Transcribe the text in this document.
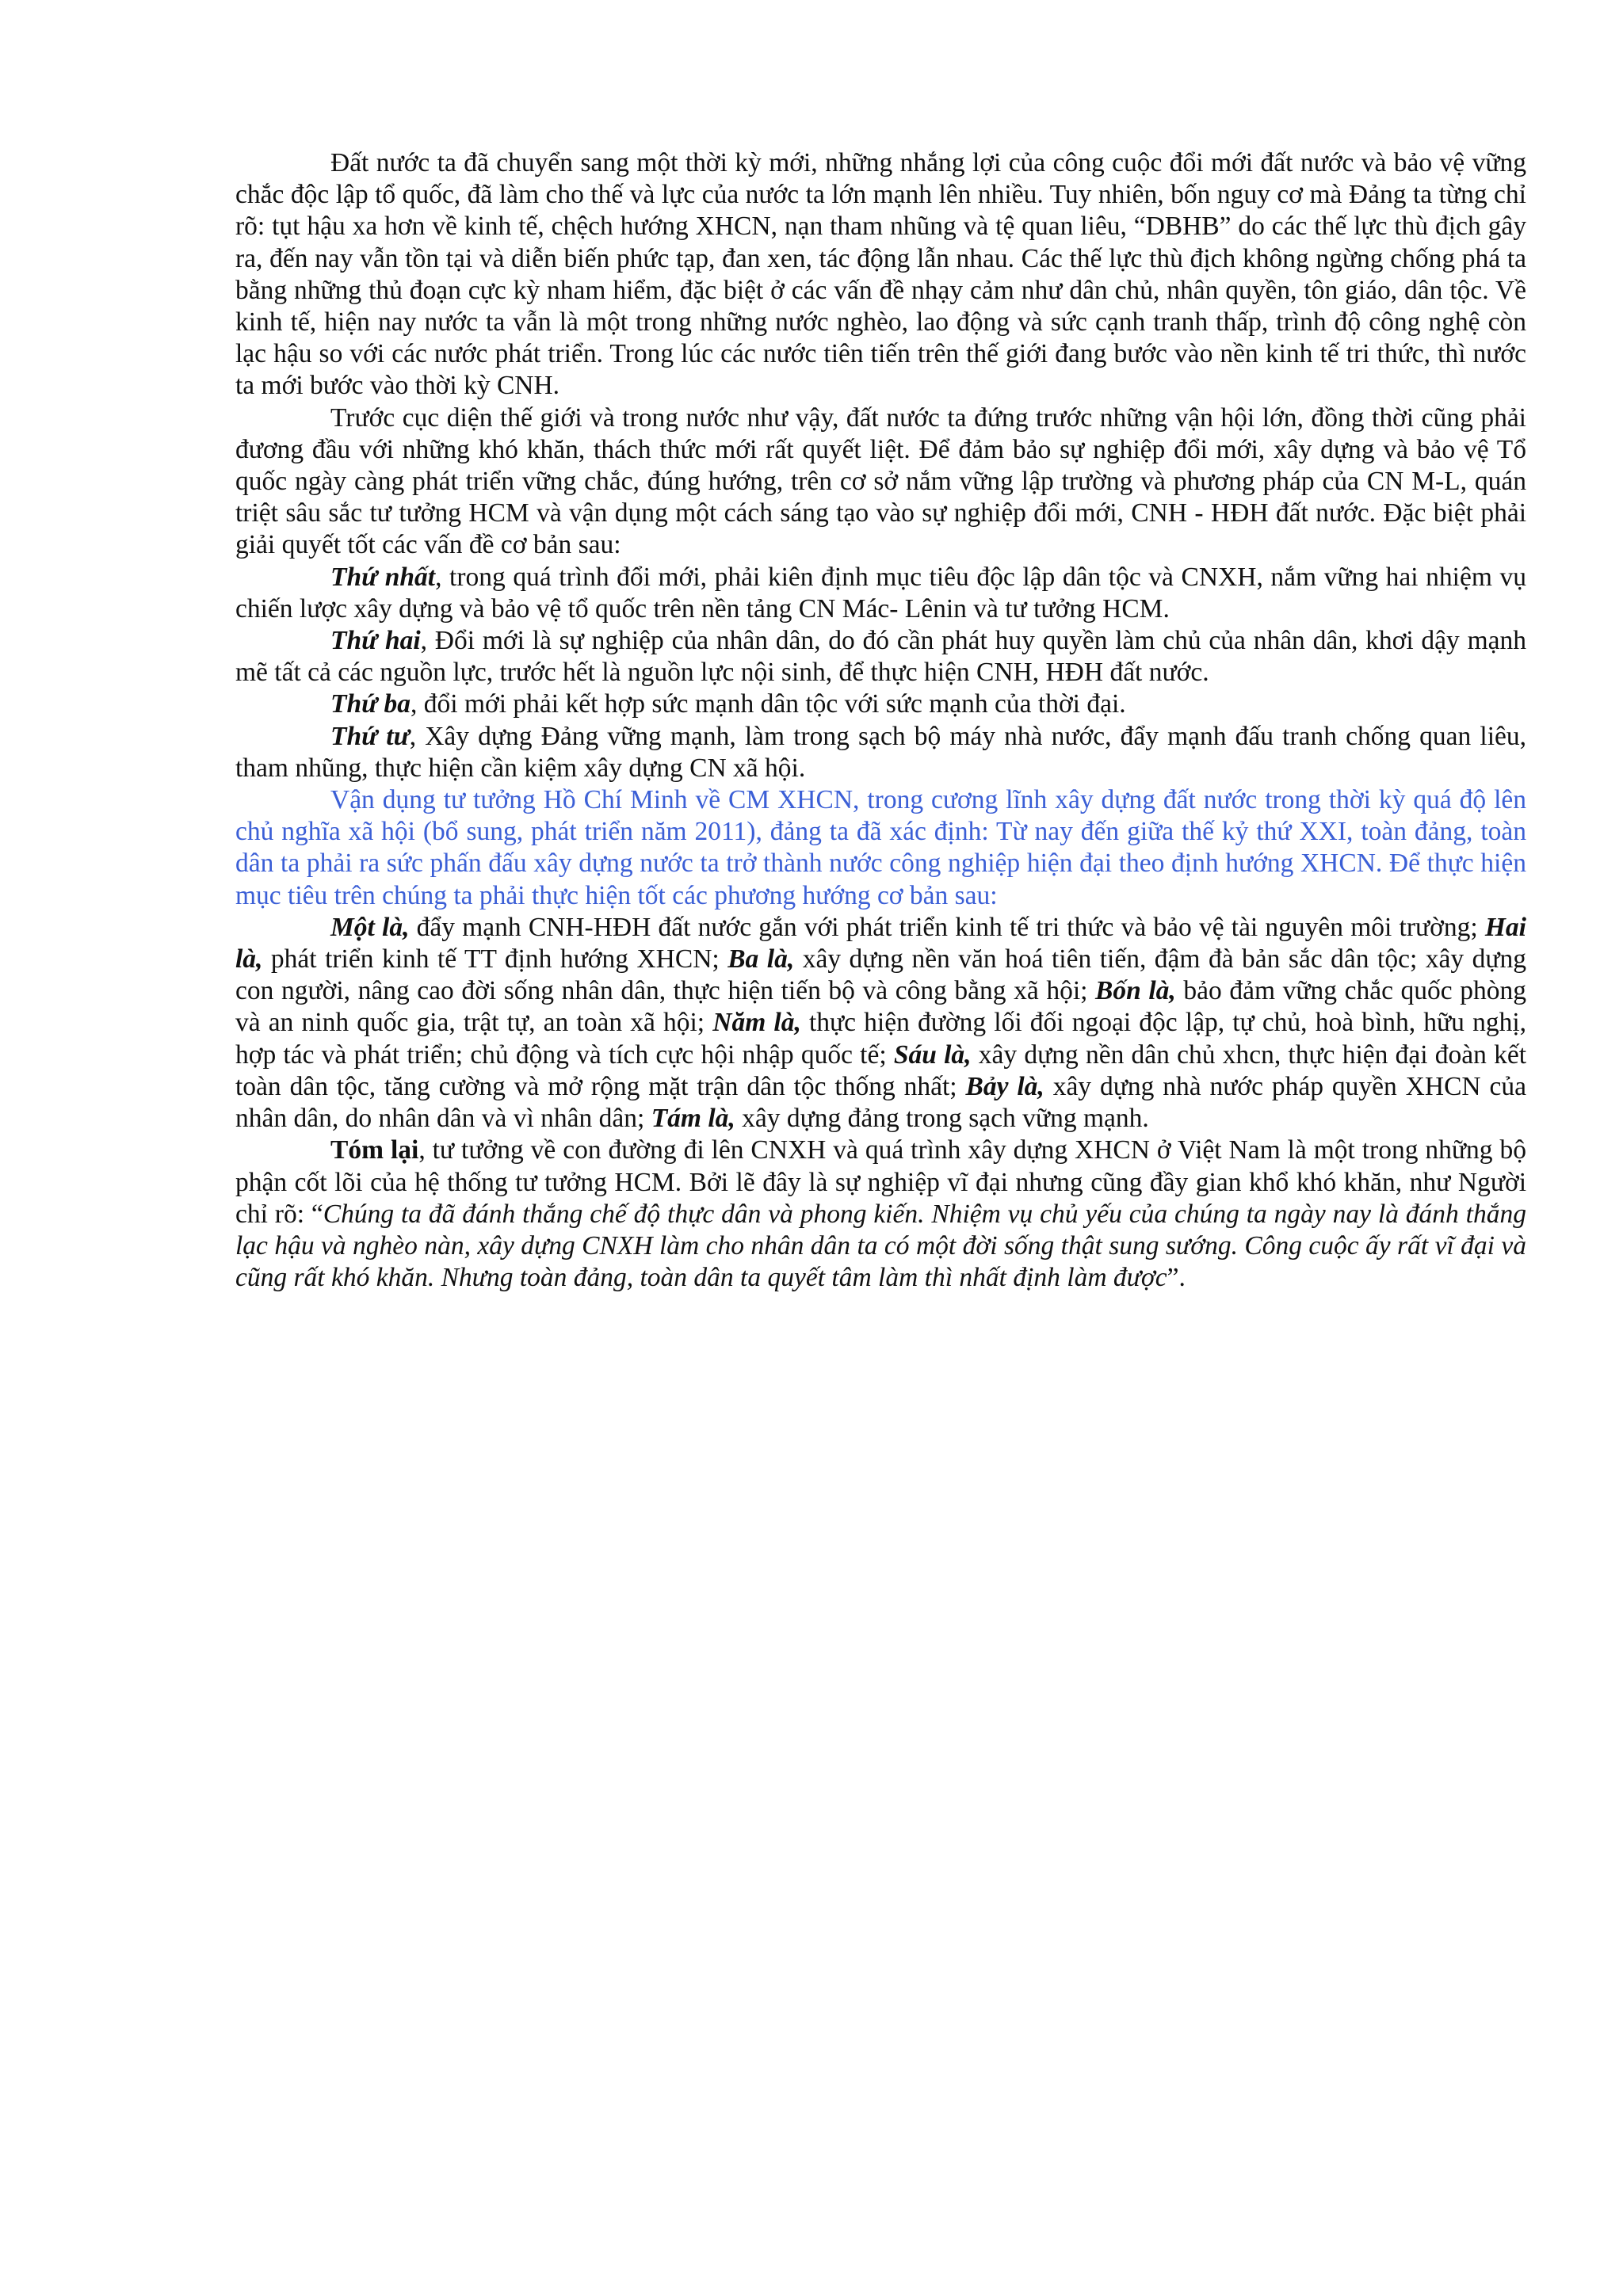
Đất nước ta đã chuyển sang một thời kỳ mới, những nhắng lợi của công cuộc đổi mới đất nước và bảo vệ vững chắc độc lập tổ quốc, đã làm cho thế và lực của nước ta lớn mạnh lên nhiều. Tuy nhiên, bốn nguy cơ mà Đảng ta từng chỉ rõ: tụt hậu xa hơn về kinh tế, chệch hướng XHCN, nạn tham nhũng và tệ quan liêu, “DBHB” do các thế lực thù địch gây ra, đến nay vẫn tồn tại và diễn biến phức tạp, đan xen, tác động lẫn nhau. Các thế lực thù địch không ngừng chống phá ta bằng những thủ đoạn cực kỳ nham hiểm, đặc biệt ở các vấn đề nhạy cảm như dân chủ, nhân quyền, tôn giáo, dân tộc. Về kinh tế, hiện nay nước ta vẫn là một trong những nước nghèo, lao động và sức cạnh tranh thấp, trình độ công nghệ còn lạc hậu so với các nước phát triển. Trong lúc các nước tiên tiến trên thế giới đang bước vào nền kinh tế tri thức, thì nước ta mới bước vào thời kỳ CNH.

Trước cục diện thế giới và trong nước như vậy, đất nước ta đứng trước những vận hội lớn, đồng thời cũng phải đương đầu với những khó khăn, thách thức mới rất quyết liệt. Để đảm bảo sự nghiệp đổi mới, xây dựng và bảo vệ Tổ quốc ngày càng phát triển vững chắc, đúng hướng, trên cơ sở nắm vững lập trường và phương pháp của CN M-L, quán triệt sâu sắc tư tưởng HCM và vận dụng một cách sáng tạo vào sự nghiệp đổi mới, CNH - HĐH đất nước. Đặc biệt phải giải quyết tốt các vấn đề cơ bản sau:

Thứ nhất, trong quá trình đổi mới, phải kiên định mục tiêu độc lập dân tộc và CNXH, nắm vững hai nhiệm vụ chiến lược xây dựng và bảo vệ tổ quốc trên nền tảng CN Mác- Lênin và tư tưởng HCM.

Thứ hai, Đổi mới là sự nghiệp của nhân dân, do đó cần phát huy quyền làm chủ của nhân dân, khơi dậy mạnh mẽ tất cả các nguồn lực, trước hết là nguồn lực nội sinh, để thực hiện CNH, HĐH đất nước.

Thứ ba, đổi mới phải kết hợp sức mạnh dân tộc với sức mạnh của thời đại.

Thứ tư, Xây dựng Đảng vững mạnh, làm trong sạch bộ máy nhà nước, đẩy mạnh đấu tranh chống quan liêu, tham nhũng, thực hiện cần kiệm xây dựng CN xã hội.

Vận dụng tư tưởng Hồ Chí Minh về CM XHCN, trong cương lĩnh xây dựng đất nước trong thời kỳ quá độ lên chủ nghĩa xã hội (bổ sung, phát triển năm 2011), đảng ta đã xác định: Từ nay đến giữa thế kỷ thứ XXI, toàn đảng, toàn dân ta phải ra sức phấn đấu xây dựng nước ta trở thành nước công nghiệp hiện đại theo định hướng XHCN. Để thực hiện mục tiêu trên chúng ta phải thực hiện tốt các phương hướng cơ bản sau:

Một là, đẩy mạnh CNH-HĐH đất nước gắn với phát triển kinh tế tri thức và bảo vệ tài nguyên môi trường; Hai là, phát triển kinh tế TT định hướng XHCN; Ba là, xây dựng nền văn hoá tiên tiến, đậm đà bản sắc dân tộc; xây dựng con người, nâng cao đời sống nhân dân, thực hiện tiến bộ và công bằng xã hội; Bốn là, bảo đảm vững chắc quốc phòng và an ninh quốc gia, trật tự, an toàn xã hội; Năm là, thực hiện đường lối đối ngoại độc lập, tự chủ, hoà bình, hữu nghị, hợp tác và phát triển; chủ động và tích cực hội nhập quốc tế; Sáu là, xây dựng nền dân chủ xhcn, thực hiện đại đoàn kết toàn dân tộc, tăng cường và mở rộng mặt trận dân tộc thống nhất; Bảy là, xây dựng nhà nước pháp quyền XHCN của nhân dân, do nhân dân và vì nhân dân; Tám là, xây dựng đảng trong sạch vững mạnh.

Tóm lại, tư tưởng về con đường đi lên CNXH và quá trình xây dựng XHCN ở Việt Nam là một trong những bộ phận cốt lõi của hệ thống tư tưởng HCM. Bởi lẽ đây là sự nghiệp vĩ đại nhưng cũng đầy gian khổ khó khăn, như Người chỉ rõ: “Chúng ta đã đánh thắng chế độ thực dân và phong kiến. Nhiệm vụ chủ yếu của chúng ta ngày nay là đánh thắng lạc hậu và nghèo nàn, xây dựng CNXH làm cho nhân dân ta có một đời sống thật sung sướng. Công cuộc ấy rất vĩ đại và cũng rất khó khăn. Nhưng toàn đảng, toàn dân ta quyết tâm làm thì nhất định làm được”.
